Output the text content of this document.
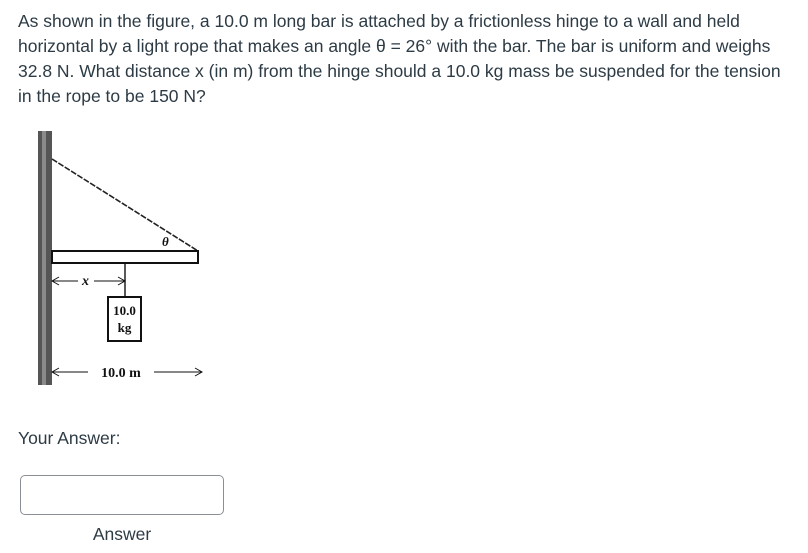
As shown in the figure, a 10.0 m long bar is attached by a frictionless hinge to a wall and held horizontal by a light rope that makes an angle θ = 26° with the bar. The bar is uniform and weighs 32.8 N. What distance x (in m) from the hinge should a 10.0 kg mass be suspended for the tension in the rope to be 150 N?

θ
x
10.0
kg
10.0 m
Your Answer:
Answer
